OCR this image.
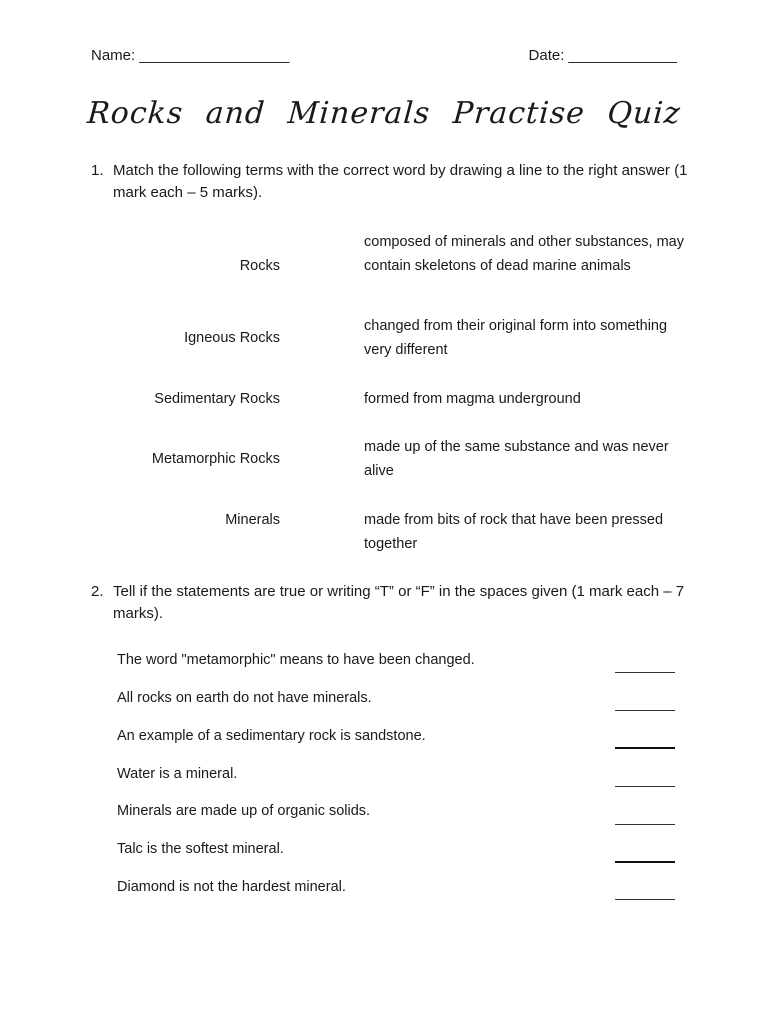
Name: __________________	Date: _____________
Rocks and Minerals Practise Quiz
1. Match the following terms with the correct word by drawing a line to the right answer (1 mark each – 5 marks).
Rocks
Igneous Rocks
Sedimentary Rocks
Metamorphic Rocks
Minerals
composed of minerals and other substances, may contain skeletons of dead marine animals
changed from their original form into something very different
formed from magma underground
made up of the same substance and was never alive
made from bits of rock that have been pressed together
2. Tell if the statements are true or writing “T” or “F” in the spaces given (1 mark each – 7 marks).
The word "metamorphic" means to have been changed.
All rocks on earth do not have minerals.
An example of a sedimentary rock is sandstone.
Water is a mineral.
Minerals are made up of organic solids.
Talc is the softest mineral.
Diamond is not the hardest mineral.
